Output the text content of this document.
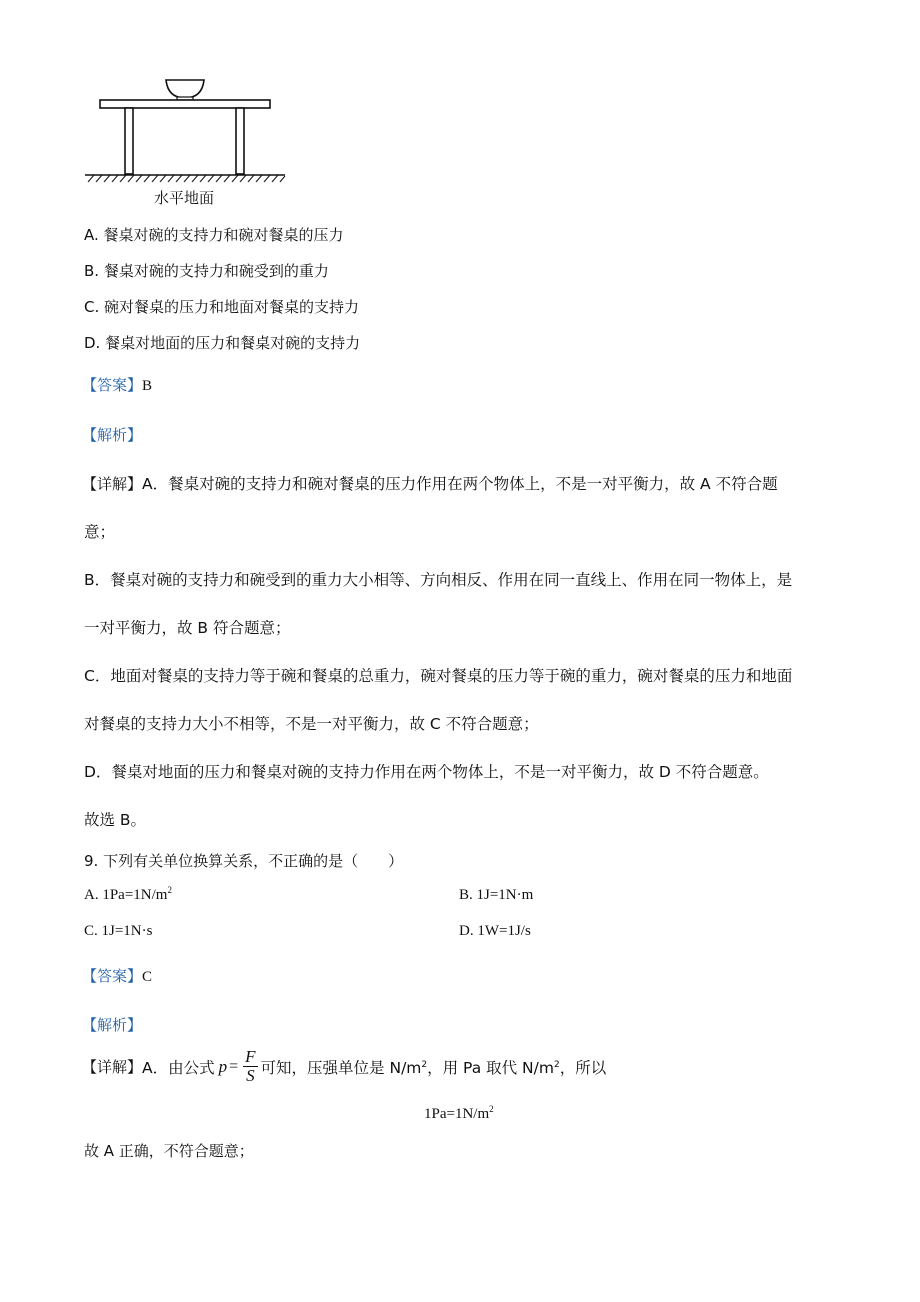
水平地面
A. 餐桌对碗的支持力和碗对餐桌的压力
B. 餐桌对碗的支持力和碗受到的重力
C. 碗对餐桌的压力和地面对餐桌的支持力
D. 餐桌对地面的压力和餐桌对碗的支持力
【答案】B
【解析】
【详解】A．餐桌对碗的支持力和碗对餐桌的压力作用在两个物体上，不是一对平衡力，故 A 不符合题
意；
B．餐桌对碗的支持力和碗受到的重力大小相等、方向相反、作用在同一直线上、作用在同一物体上，是
一对平衡力，故 B 符合题意；
C．地面对餐桌的支持力等于碗和餐桌的总重力，碗对餐桌的压力等于碗的重力，碗对餐桌的压力和地面
对餐桌的支持力大小不相等，不是一对平衡力，故 C 不符合题意；
D．餐桌对地面的压力和餐桌对碗的支持力作用在两个物体上，不是一对平衡力，故 D 不符合题意。
故选 B。
9. 下列有关单位换算关系，不正确的是（　　）
A. $1Pa=1N/m^2$	B. 1J=1N·m
C. 1J=1N·s	D. 1W=1J/s
【答案】C
【解析】
【详解】 A．由公式 $p = \frac{F}{S}$ 可知，压强单位是 $N/m^2$，用 Pa 取代 $N/m^2$，所以
$1Pa=1N/m^2$
故 A 正确，不符合题意；
